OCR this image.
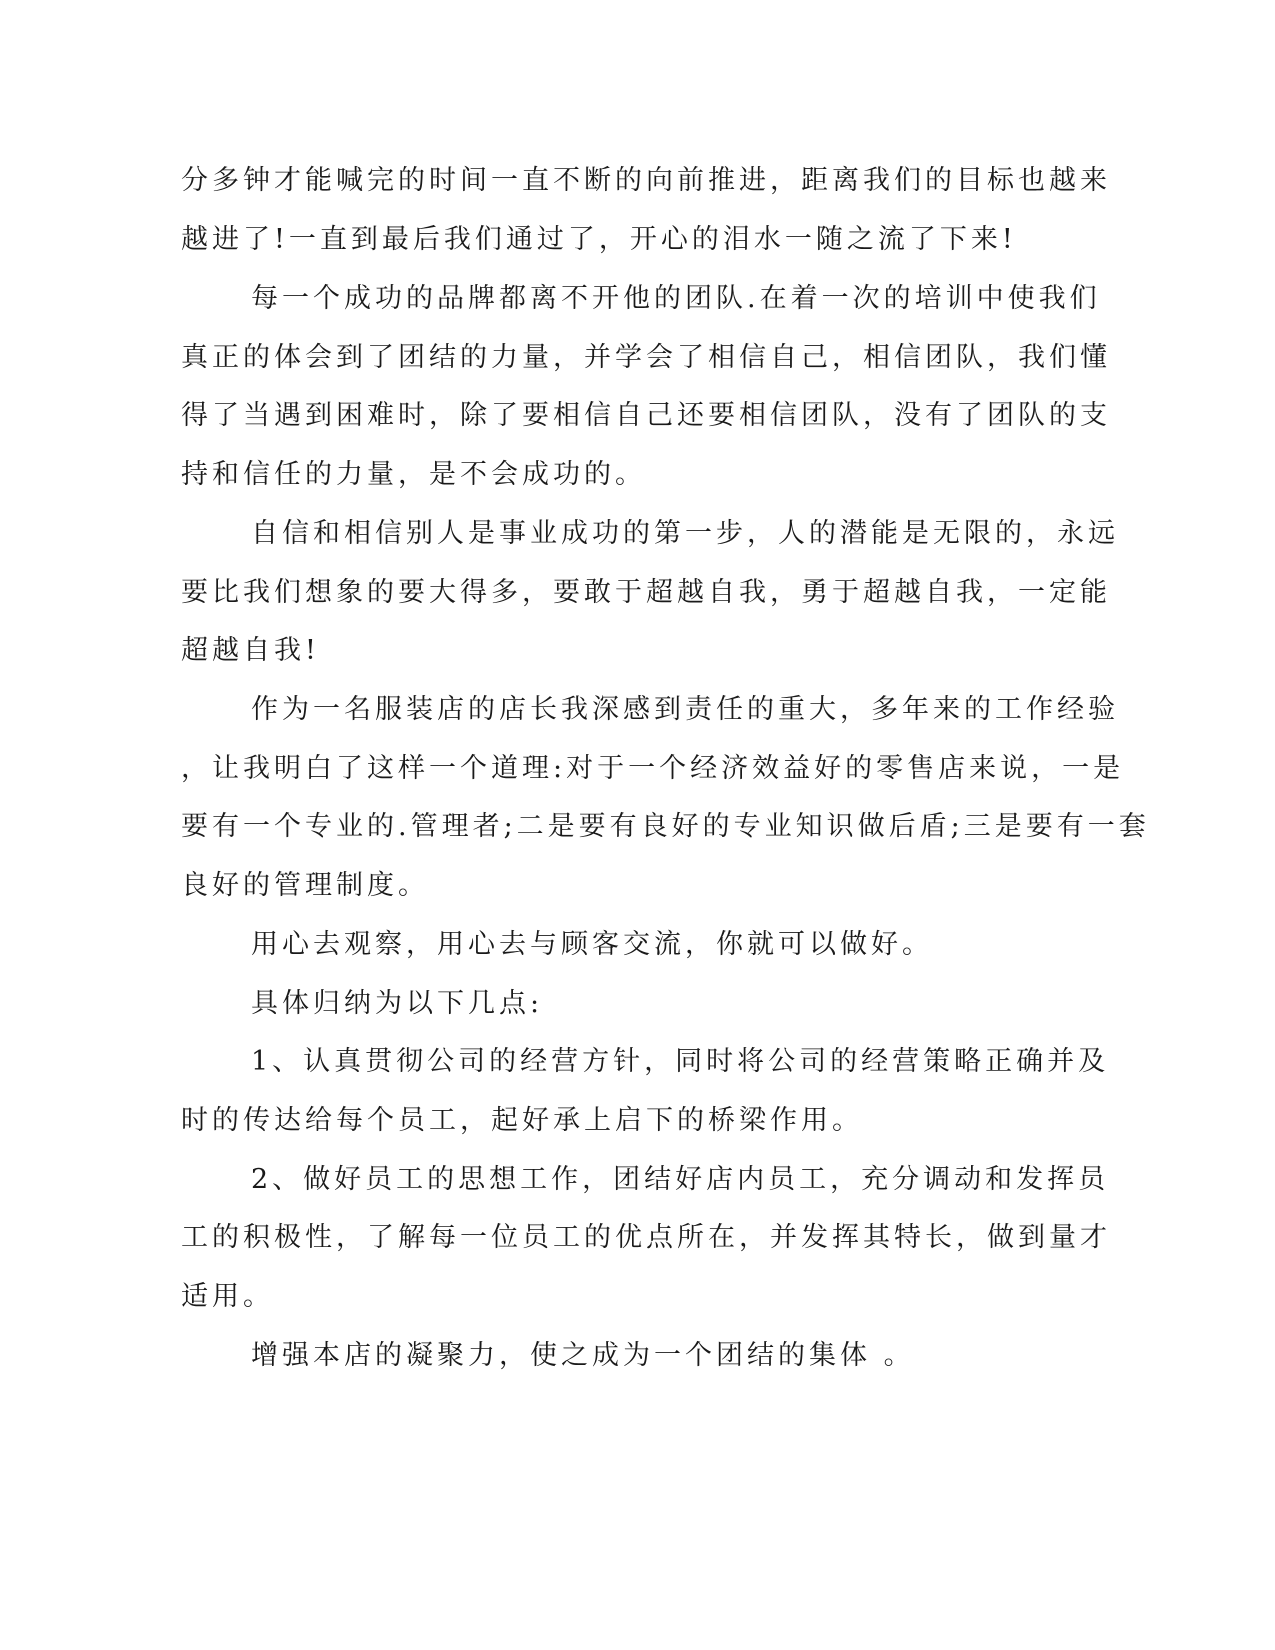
分多钟才能喊完的时间一直不断的向前推进，距离我们的目标也越来

越进了!一直到最后我们通过了，开心的泪水一随之流了下来!

每一个成功的品牌都离不开他的团队.在着一次的培训中使我们

真正的体会到了团结的力量，并学会了相信自己，相信团队，我们懂

得了当遇到困难时，除了要相信自己还要相信团队，没有了团队的支

持和信任的力量，是不会成功的。

自信和相信别人是事业成功的第一步，人的潜能是无限的，永远

要比我们想象的要大得多，要敢于超越自我，勇于超越自我，一定能

超越自我!

作为一名服装店的店长我深感到责任的重大，多年来的工作经验

，让我明白了这样一个道理:对于一个经济效益好的零售店来说，一是

要有一个专业的.管理者;二是要有良好的专业知识做后盾;三是要有一套

良好的管理制度。

用心去观察，用心去与顾客交流，你就可以做好。

具体归纳为以下几点:

1、认真贯彻公司的经营方针，同时将公司的经营策略正确并及

时的传达给每个员工，起好承上启下的桥梁作用。

2、做好员工的思想工作，团结好店内员工，充分调动和发挥员

工的积极性，了解每一位员工的优点所在，并发挥其特长，做到量才

适用。

增强本店的凝聚力，使之成为一个团结的集体 。
